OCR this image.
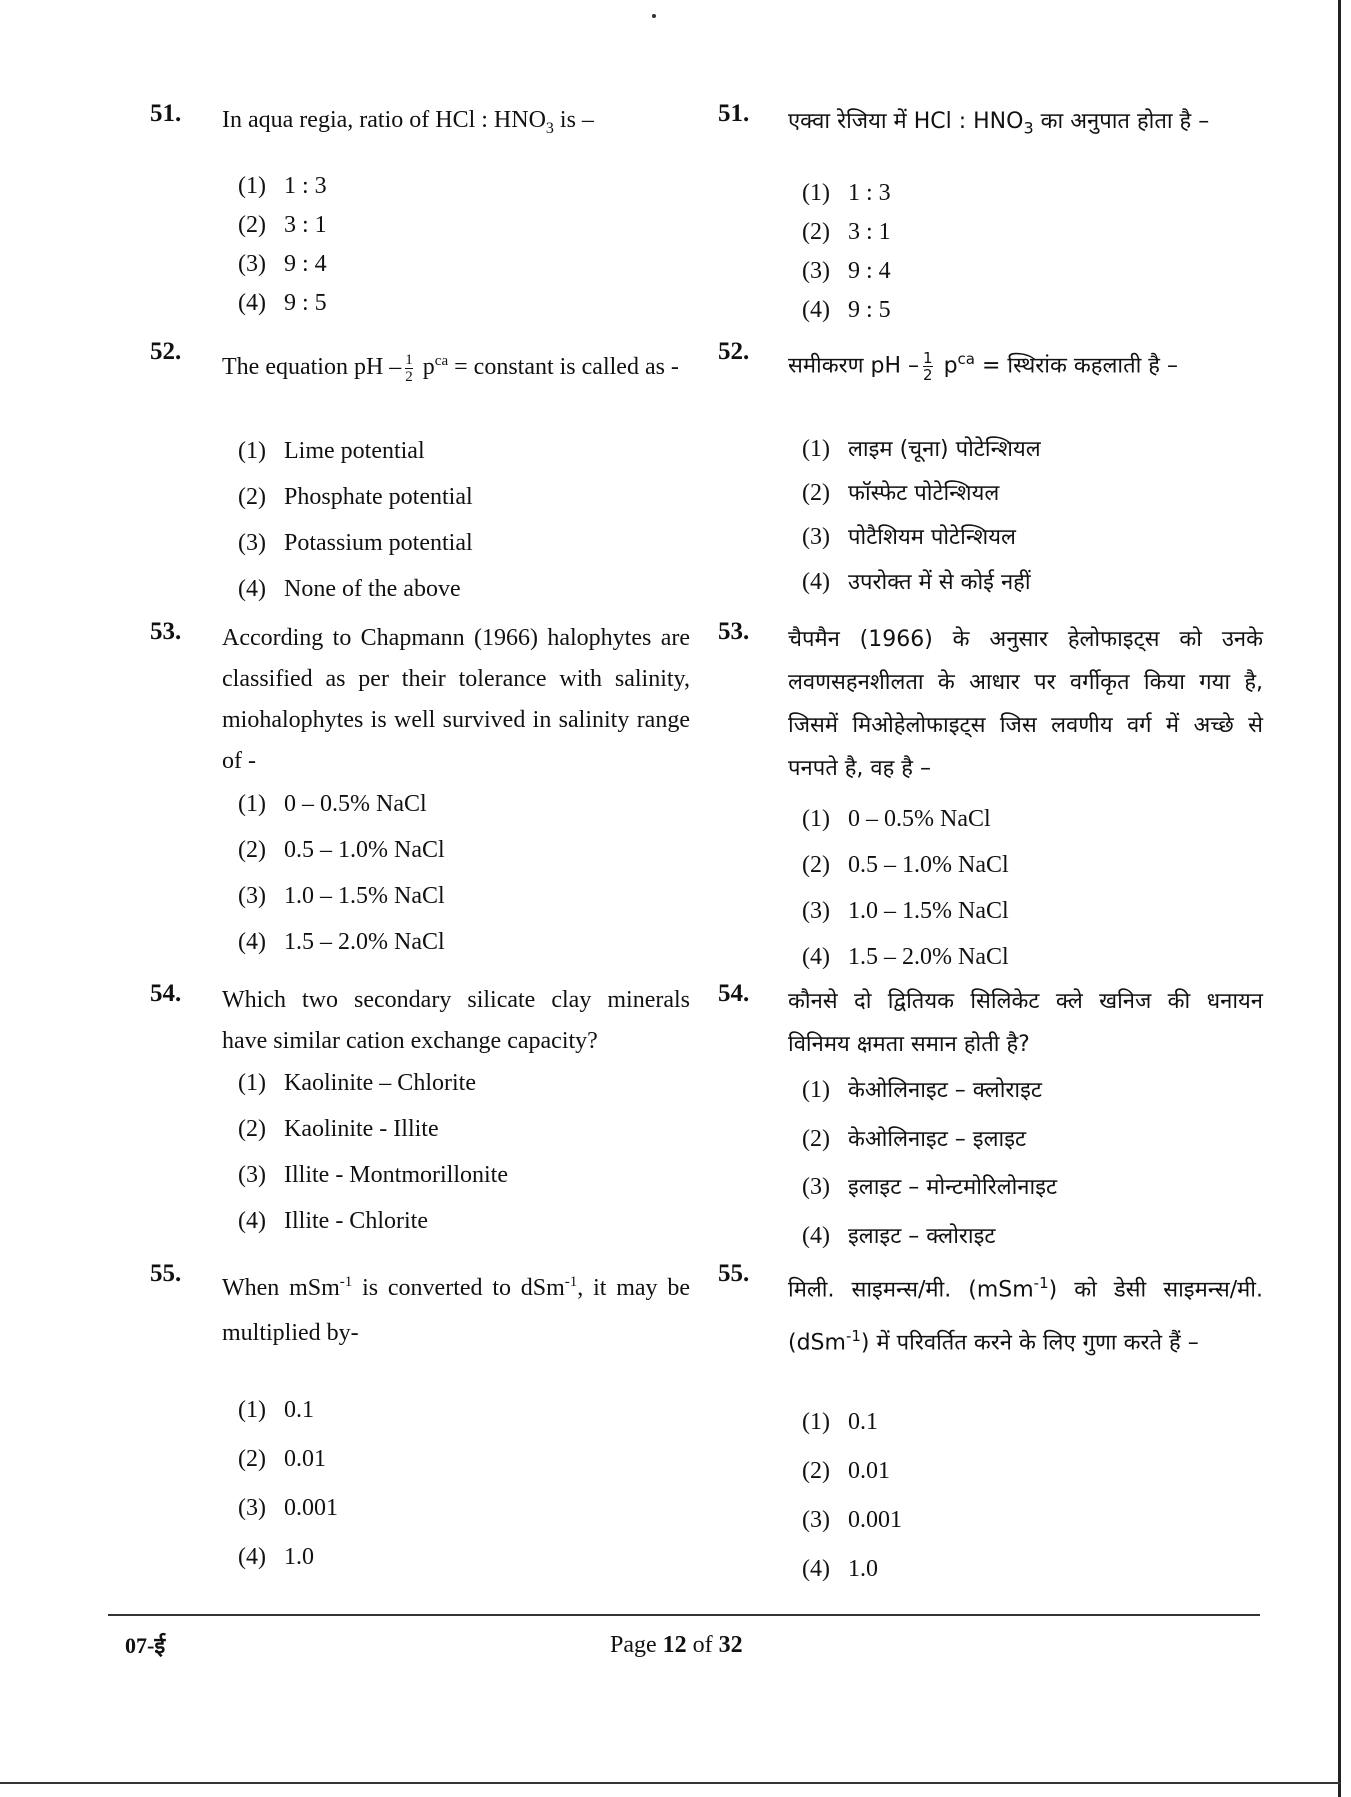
51. In aqua regia, ratio of HCl : $HNO_3$ is –
(1) 1 : 3
(2) 3 : 1
(3) 9 : 4
(4) 9 : 5
52.
The equation pH – $\frac{1}{2} p^{ca}$ = constant is called as -
(1) Lime potential
(2) Phosphate potential
(3) Potassium potential
(4) None of the above
53. According to Chapmann (1966) halophytes are classified as per their tolerance with salinity, miohalophytes is well survived in salinity range of -
(1) 0 – 0.5% NaCl
(2) 0.5 – 1.0% NaCl
(3) 1.0 – 1.5% NaCl
(4) 1.5 – 2.0% NaCl
54. Which two secondary silicate clay minerals have similar cation exchange capacity?
(1) Kaolinite – Chlorite
(2) Kaolinite - Illite
(3) Illite - Montmorillonite
(4) Illite - Chlorite
55.
When mSm$^{-1}$ is converted to dSm$^{-1}$, it may be multiplied by-
(1) 0.1
(2) 0.01
(3) 0.001
(4) 1.0
51. एक्वा रेजिया में HCl : $HNO_3$ का अनुपात होता है –
(1) 1 : 3
(2) 3 : 1
(3) 9 : 4
(4) 9 : 5
52.
समीकरण pH – $\frac{1}{2} p^{ca}$ = स्थिरांक कहलाती है –
(1) लाइम (चूना) पोटेन्शियल
(2) फॉस्फेट पोटेन्शियल
(3) पोटैशियम पोटेन्शियल
(4) उपरोक्त में से कोई नहीं
53. चैपमैन (1966) के अनुसार हेलोफाइट्स को उनके लवणसहनशीलता के आधार पर वर्गीकृत किया गया है, जिसमें मिओहेलोफाइट्स जिस लवणीय वर्ग में अच्छे से पनपते है, वह है –
(1) 0 – 0.5% NaCl
(2) 0.5 – 1.0% NaCl
(3) 1.0 – 1.5% NaCl
(4) 1.5 – 2.0% NaCl
54. कौनसे दो द्वितियक सिलिकेट क्ले खनिज की धनायन विनिमय क्षमता समान होती है?
(1) केओलिनाइट – क्लोराइट
(2) केओलिनाइट – इलाइट
(3) इलाइट – मोन्टमोरिलोनाइट
(4) इलाइट – क्लोराइट
55.
मिली. साइमन्स/मी. (mSm$^{-1}$) को डेसी साइमन्स/मी. (dSm$^{-1}$) में परिवर्तित करने के लिए गुणा करते हैं –
(1) 0.1
(2) 0.01
(3) 0.001
(4) 1.0
07-ई	Page 12 of 32
